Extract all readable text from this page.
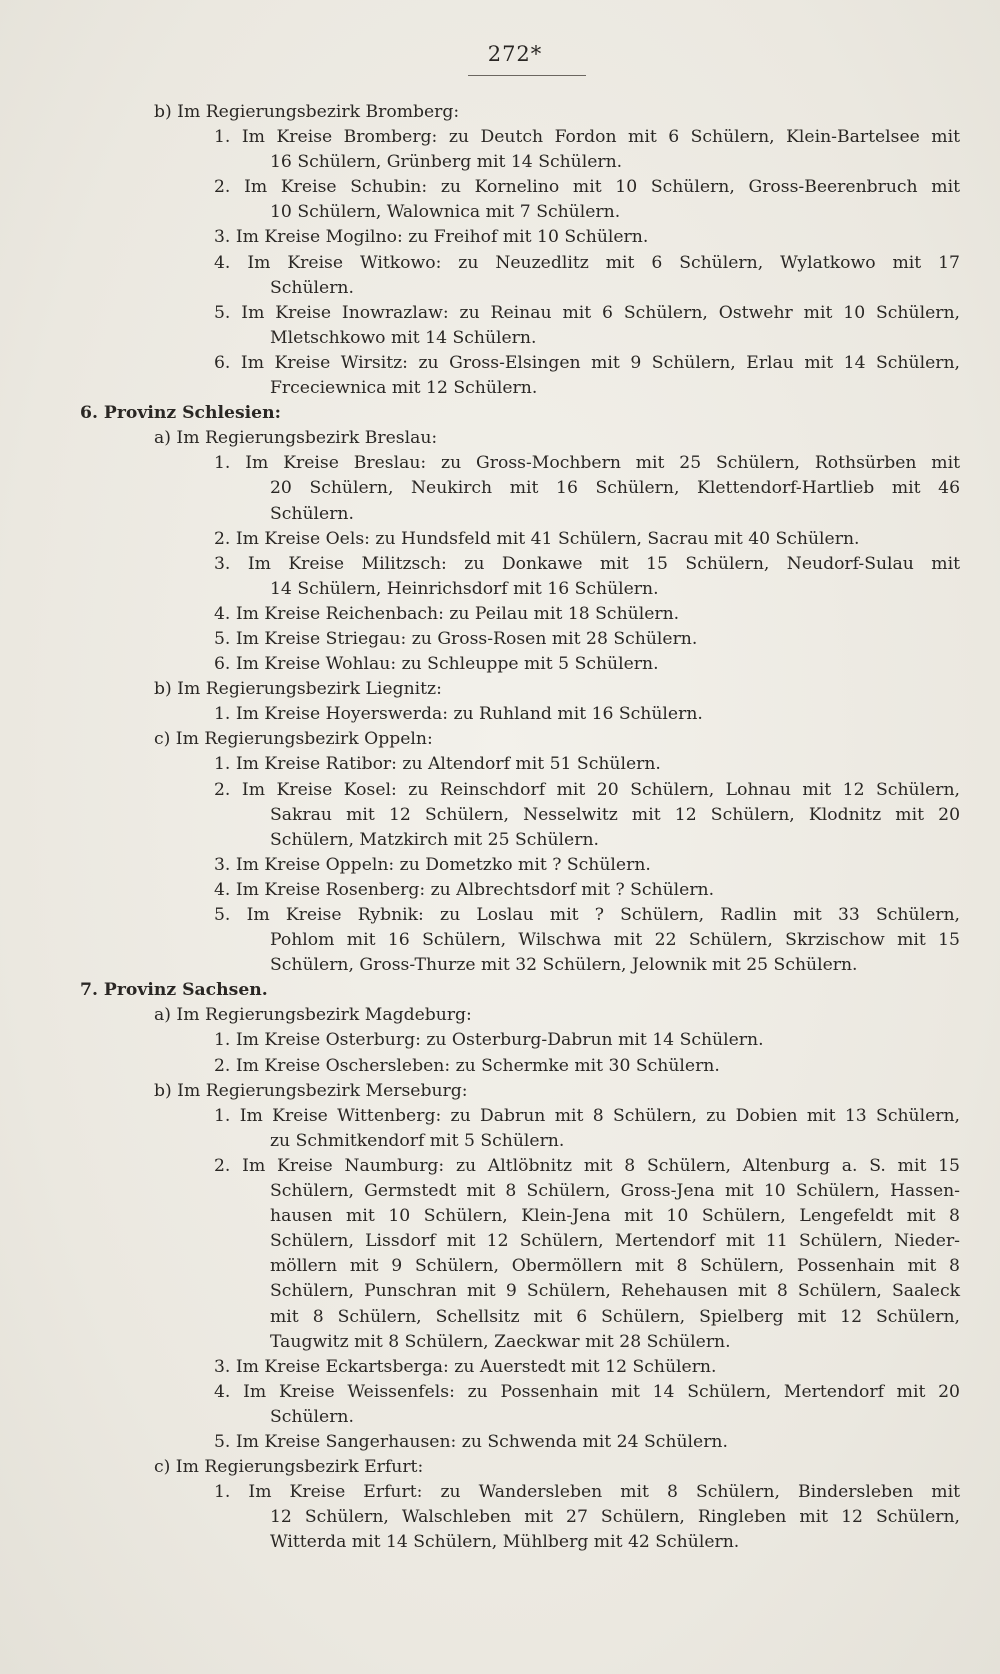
272*
b) Im Regierungsbezirk Bromberg:
1. Im Kreise Bromberg: zu Deutch Fordon mit 6 Schülern, Klein-Bartelsee mit
16 Schülern, Grünberg mit 14 Schülern.
2. Im Kreise Schubin: zu Kornelino mit 10 Schülern, Gross-Beerenbruch mit
10 Schülern, Walownica mit 7 Schülern.
3. Im Kreise Mogilno: zu Freihof mit 10 Schülern.
4. Im Kreise Witkowo: zu Neuzedlitz mit 6 Schülern, Wylatkowo mit 17
Schülern.
5. Im Kreise Inowrazlaw: zu Reinau mit 6 Schülern, Ostwehr mit 10 Schülern,
Mletschkowo mit 14 Schülern.
6. Im Kreise Wirsitz: zu Gross-Elsingen mit 9 Schülern, Erlau mit 14 Schülern,
Frceciewnica mit 12 Schülern.
6. Provinz Schlesien:
a) Im Regierungsbezirk Breslau:
1. Im Kreise Breslau: zu Gross-Mochbern mit 25 Schülern, Rothsürben mit
20 Schülern, Neukirch mit 16 Schülern, Klettendorf-Hartlieb mit 46
Schülern.
2. Im Kreise Oels: zu Hundsfeld mit 41 Schülern, Sacrau mit 40 Schülern.
3. Im Kreise Militzsch: zu Donkawe mit 15 Schülern, Neudorf-Sulau mit
14 Schülern, Heinrichsdorf mit 16 Schülern.
4. Im Kreise Reichenbach: zu Peilau mit 18 Schülern.
5. Im Kreise Striegau: zu Gross-Rosen mit 28 Schülern.
6. Im Kreise Wohlau: zu Schleuppe mit 5 Schülern.
b) Im Regierungsbezirk Liegnitz:
1. Im Kreise Hoyerswerda: zu Ruhland mit 16 Schülern.
c) Im Regierungsbezirk Oppeln:
1. Im Kreise Ratibor: zu Altendorf mit 51 Schülern.
2. Im Kreise Kosel: zu Reinschdorf mit 20 Schülern, Lohnau mit 12 Schülern,
Sakrau mit 12 Schülern, Nesselwitz mit 12 Schülern, Klodnitz mit 20
Schülern, Matzkirch mit 25 Schülern.
3. Im Kreise Oppeln: zu Dometzko mit ? Schülern.
4. Im Kreise Rosenberg: zu Albrechtsdorf mit ? Schülern.
5. Im Kreise Rybnik: zu Loslau mit ? Schülern, Radlin mit 33 Schülern,
Pohlom mit 16 Schülern, Wilschwa mit 22 Schülern, Skrzischow mit 15
Schülern, Gross-Thurze mit 32 Schülern, Jelownik mit 25 Schülern.
7. Provinz Sachsen.
a) Im Regierungsbezirk Magdeburg:
1. Im Kreise Osterburg: zu Osterburg-Dabrun mit 14 Schülern.
2. Im Kreise Oschersleben: zu Schermke mit 30 Schülern.
b) Im Regierungsbezirk Merseburg:
1. Im Kreise Wittenberg: zu Dabrun mit 8 Schülern, zu Dobien mit 13 Schülern,
zu Schmitkendorf mit 5 Schülern.
2. Im Kreise Naumburg: zu Altlöbnitz mit 8 Schülern, Altenburg a. S. mit 15
Schülern, Germstedt mit 8 Schülern, Gross-Jena mit 10 Schülern, Hassen-
hausen mit 10 Schülern, Klein-Jena mit 10 Schülern, Lengefeldt mit 8
Schülern, Lissdorf mit 12 Schülern, Mertendorf mit 11 Schülern, Nieder-
möllern mit 9 Schülern, Obermöllern mit 8 Schülern, Possenhain mit 8
Schülern, Punschran mit 9 Schülern, Rehehausen mit 8 Schülern, Saaleck
mit 8 Schülern, Schellsitz mit 6 Schülern, Spielberg mit 12 Schülern,
Taugwitz mit 8 Schülern, Zaeckwar mit 28 Schülern.
3. Im Kreise Eckartsberga: zu Auerstedt mit 12 Schülern.
4. Im Kreise Weissenfels: zu Possenhain mit 14 Schülern, Mertendorf mit 20
Schülern.
5. Im Kreise Sangerhausen: zu Schwenda mit 24 Schülern.
c) Im Regierungsbezirk Erfurt:
1. Im Kreise Erfurt: zu Wandersleben mit 8 Schülern, Bindersleben mit
12 Schülern, Walschleben mit 27 Schülern, Ringleben mit 12 Schülern,
Witterda mit 14 Schülern, Mühlberg mit 42 Schülern.
